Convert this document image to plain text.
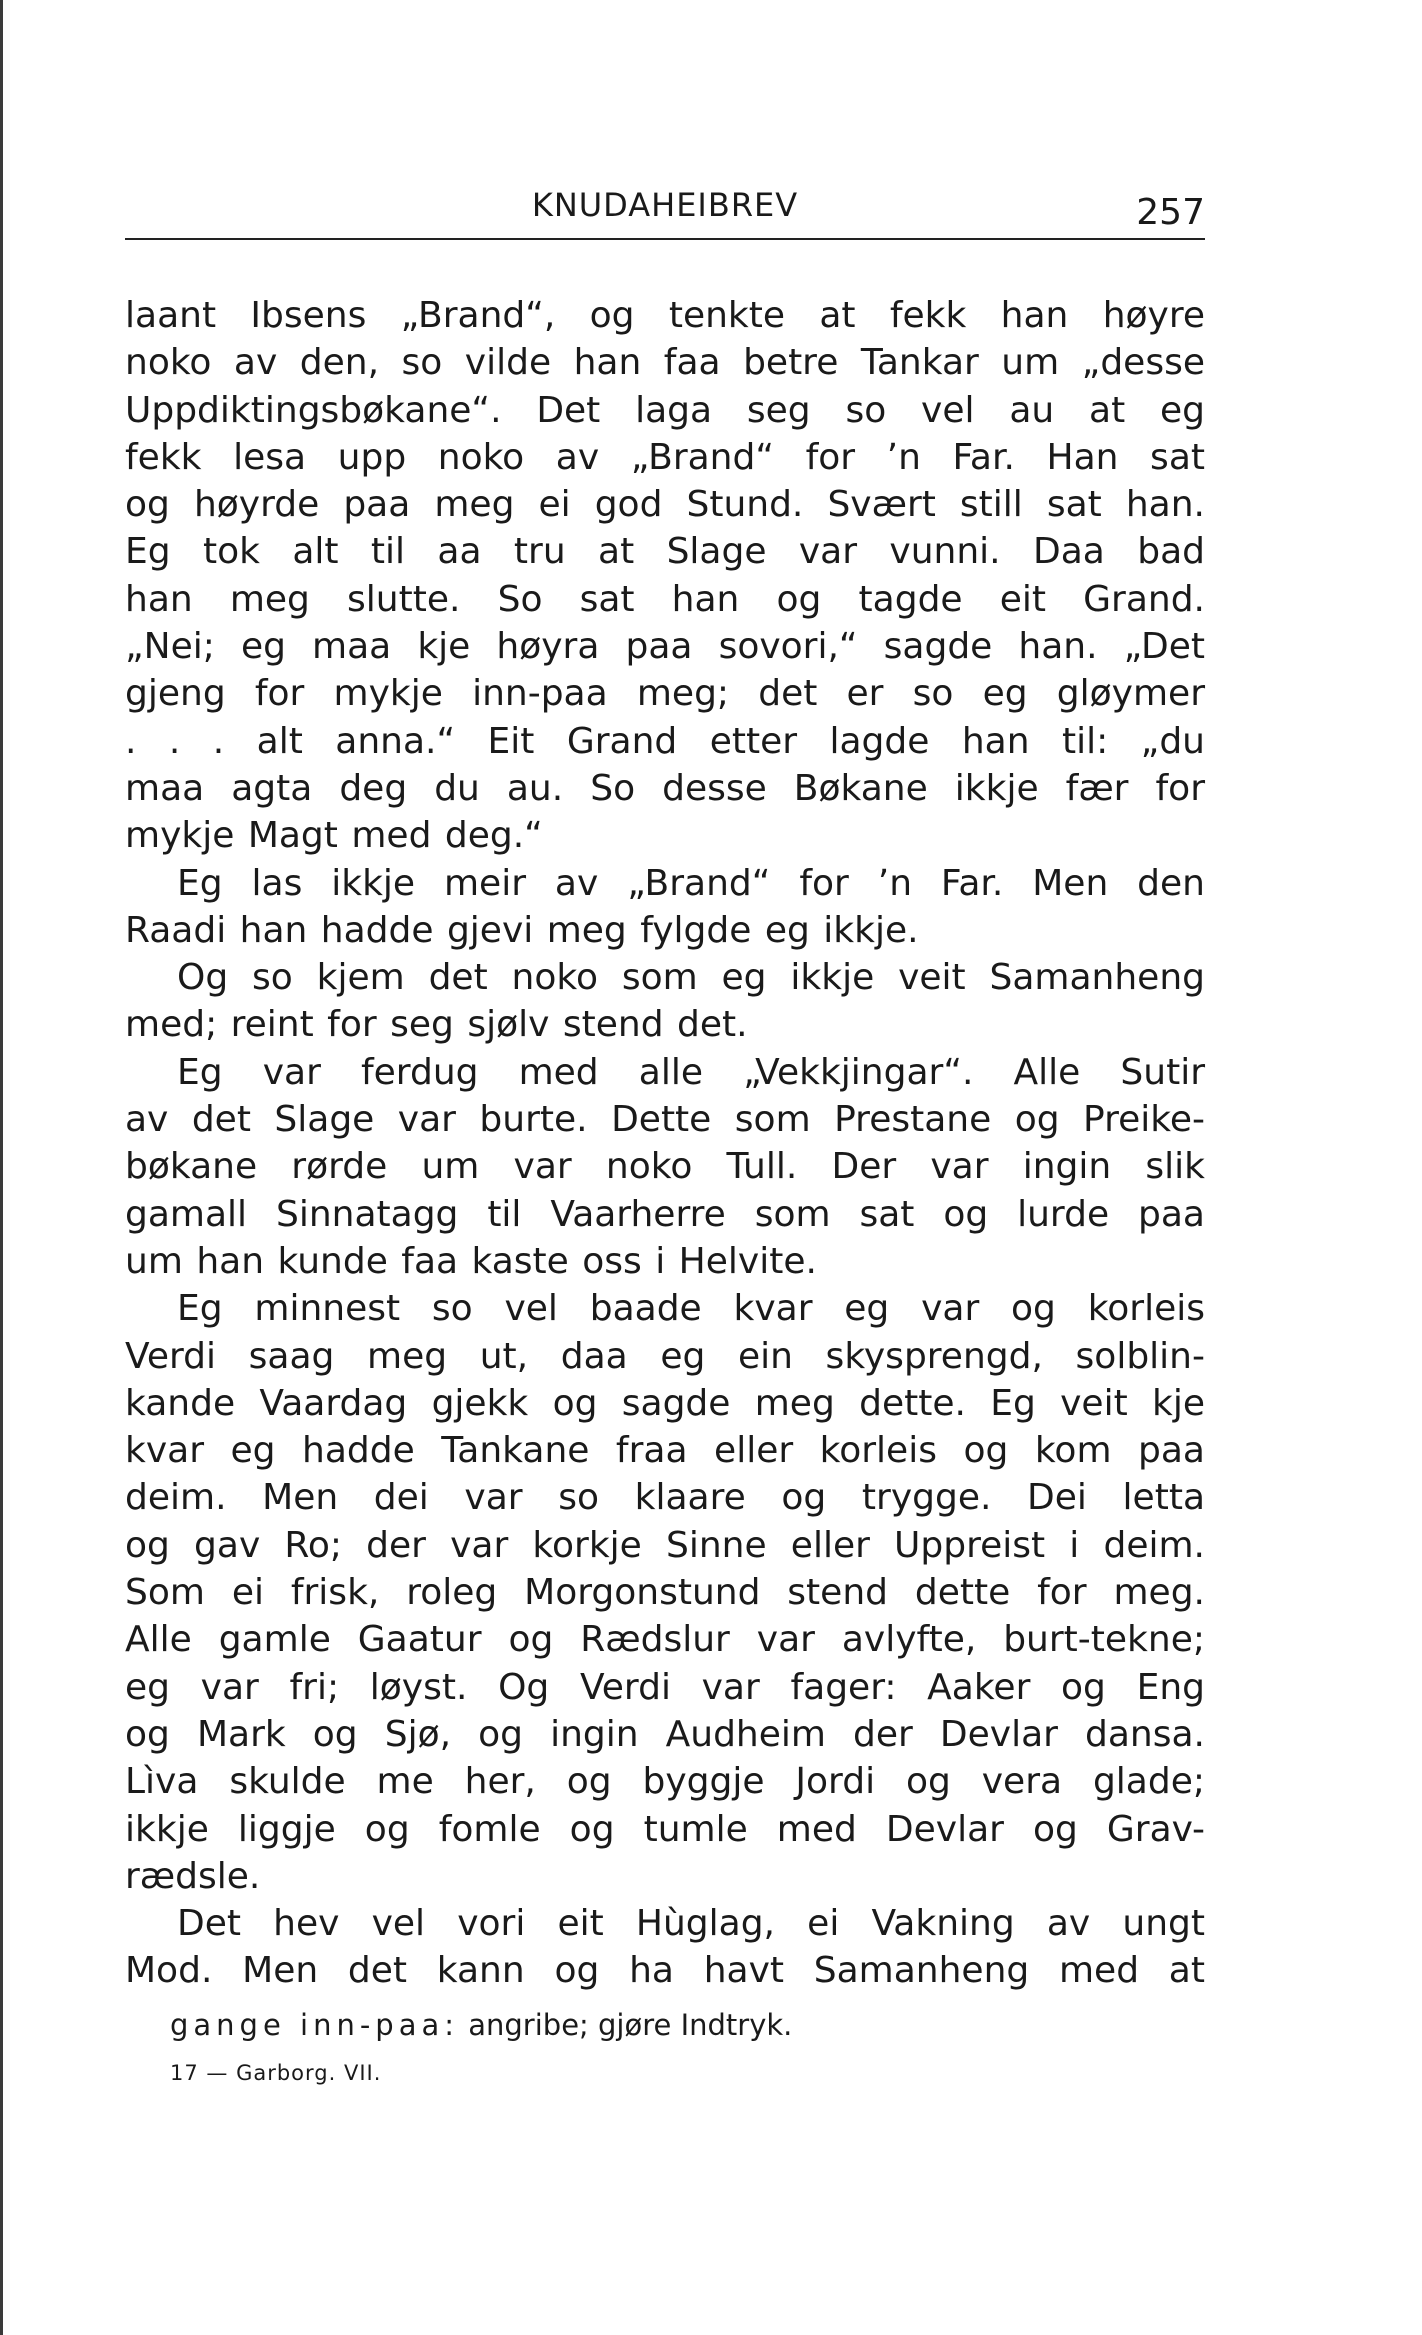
KNUDAHEIBREV	257
laant Ibsens „Brand“, og tenkte at fekk han høyre
noko av den, so vilde han faa betre Tankar um „desse
Uppdiktingsbøkane“. Det laga seg so vel au at eg
fekk lesa upp noko av „Brand“ for ’n Far. Han sat
og høyrde paa meg ei god Stund. Svært still sat han.
Eg tok alt til aa tru at Slage var vunni. Daa bad
han meg slutte. So sat han og tagde eit Grand.
„Nei; eg maa kje høyra paa sovori,“ sagde han. „Det
gjeng for mykje inn-paa meg; det er so eg gløymer
. . . alt anna.“ Eit Grand etter lagde han til: „du
maa agta deg du au. So desse Bøkane ikkje fær for
mykje Magt med deg.“
Eg las ikkje meir av „Brand“ for ’n Far. Men den
Raadi han hadde gjevi meg fylgde eg ikkje.
Og so kjem det noko som eg ikkje veit Samanheng
med; reint for seg sjølv stend det.
Eg var ferdug med alle „Vekkjingar“. Alle Sutir
av det Slage var burte. Dette som Prestane og Preike-
bøkane rørde um var noko Tull. Der var ingin slik
gamall Sinnatagg til Vaarherre som sat og lurde paa
um han kunde faa kaste oss i Helvite.
Eg minnest so vel baade kvar eg var og korleis
Verdi saag meg ut, daa eg ein skysprengd, solblin-
kande Vaardag gjekk og sagde meg dette. Eg veit kje
kvar eg hadde Tankane fraa eller korleis og kom paa
deim. Men dei var so klaare og trygge. Dei letta
og gav Ro; der var korkje Sinne eller Uppreist i deim.
Som ei frisk, roleg Morgonstund stend dette for meg.
Alle gamle Gaatur og Rædslur var avlyfte, burt-tekne;
eg var fri; løyst. Og Verdi var fager: Aaker og Eng
og Mark og Sjø, og ingin Audheim der Devlar dansa.
Lìva skulde me her, og byggje Jordi og vera glade;
ikkje liggje og fomle og tumle med Devlar og Grav-
rædsle.
Det hev vel vori eit Hùglag, ei Vakning av ungt
Mod. Men det kann og ha havt Samanheng med at
gange inn-paa: angribe; gjøre Indtryk.
17 — Garborg. VII.
